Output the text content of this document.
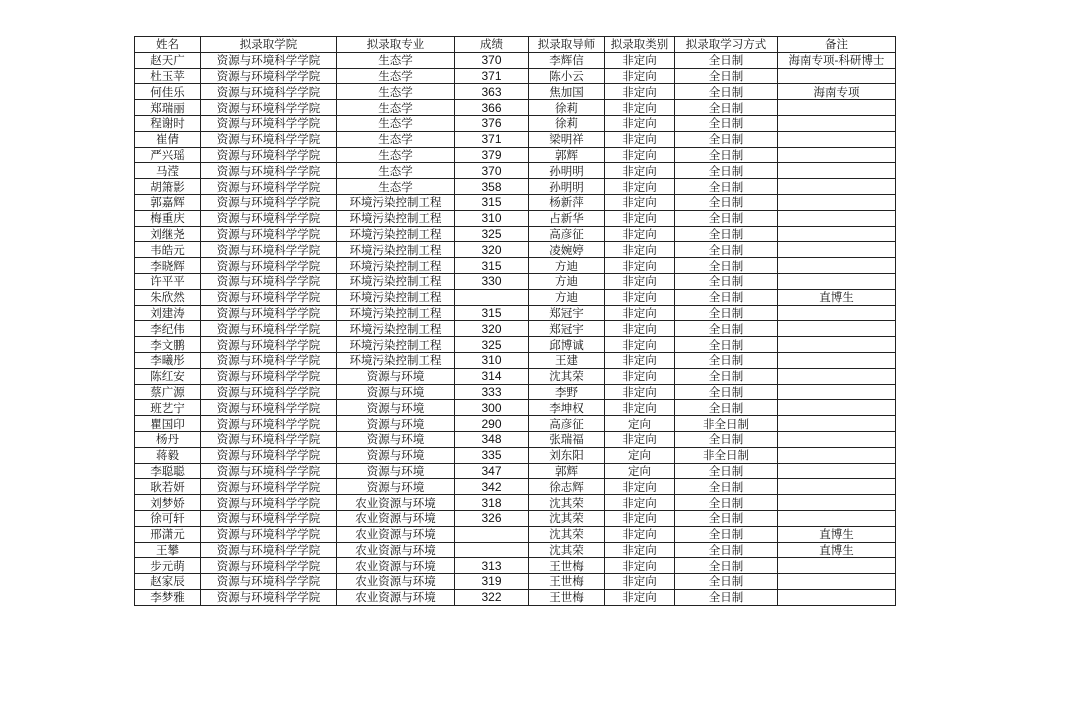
姓名	拟录取学院	拟录取专业	成绩	拟录取导师	拟录取类别	拟录取学习方式	备注
赵天广	资源与环境科学学院	生态学	370	李辉信	非定向	全日制	海南专项-科研博士
杜玉苹	资源与环境科学学院	生态学	371	陈小云	非定向	全日制	
何佳乐	资源与环境科学学院	生态学	363	焦加国	非定向	全日制	海南专项
郑瑞丽	资源与环境科学学院	生态学	366	徐莉	非定向	全日制	
程谢时	资源与环境科学学院	生态学	376	徐莉	非定向	全日制	
崔倩	资源与环境科学学院	生态学	371	梁明祥	非定向	全日制	
严兴瑶	资源与环境科学学院	生态学	379	郭辉	非定向	全日制	
马滢	资源与环境科学学院	生态学	370	孙明明	非定向	全日制	
胡箫影	资源与环境科学学院	生态学	358	孙明明	非定向	全日制	
郭嘉辉	资源与环境科学学院	环境污染控制工程	315	杨新萍	非定向	全日制	
梅重庆	资源与环境科学学院	环境污染控制工程	310	占新华	非定向	全日制	
刘继尧	资源与环境科学学院	环境污染控制工程	325	高彦征	非定向	全日制	
韦皓元	资源与环境科学学院	环境污染控制工程	320	凌婉婷	非定向	全日制	
李晓辉	资源与环境科学学院	环境污染控制工程	315	方迪	非定向	全日制	
许平平	资源与环境科学学院	环境污染控制工程	330	方迪	非定向	全日制	
朱欣然	资源与环境科学学院	环境污染控制工程		方迪	非定向	全日制	直博生
刘建涛	资源与环境科学学院	环境污染控制工程	315	郑冠宇	非定向	全日制	
李纪伟	资源与环境科学学院	环境污染控制工程	320	郑冠宇	非定向	全日制	
李文鹏	资源与环境科学学院	环境污染控制工程	325	邱博诚	非定向	全日制	
李曦彤	资源与环境科学学院	环境污染控制工程	310	王建	非定向	全日制	
陈红安	资源与环境科学学院	资源与环境	314	沈其荣	非定向	全日制	
蔡广源	资源与环境科学学院	资源与环境	333	李野	非定向	全日制	
班艺宁	资源与环境科学学院	资源与环境	300	李坤权	非定向	全日制	
瞿国印	资源与环境科学学院	资源与环境	290	高彦征	定向	非全日制	
杨丹	资源与环境科学学院	资源与环境	348	张瑞福	非定向	全日制	
蒋毅	资源与环境科学学院	资源与环境	335	刘东阳	定向	非全日制	
李聪聪	资源与环境科学学院	资源与环境	347	郭辉	定向	全日制	
耿若妍	资源与环境科学学院	资源与环境	342	徐志辉	非定向	全日制	
刘梦娇	资源与环境科学学院	农业资源与环境	318	沈其荣	非定向	全日制	
徐可轩	资源与环境科学学院	农业资源与环境	326	沈其荣	非定向	全日制	
邢潇元	资源与环境科学学院	农业资源与环境		沈其荣	非定向	全日制	直博生
王攀	资源与环境科学学院	农业资源与环境		沈其荣	非定向	全日制	直博生
步元萌	资源与环境科学学院	农业资源与环境	313	王世梅	非定向	全日制	
赵家辰	资源与环境科学学院	农业资源与环境	319	王世梅	非定向	全日制	
李梦雅	资源与环境科学学院	农业资源与环境	322	王世梅	非定向	全日制	
